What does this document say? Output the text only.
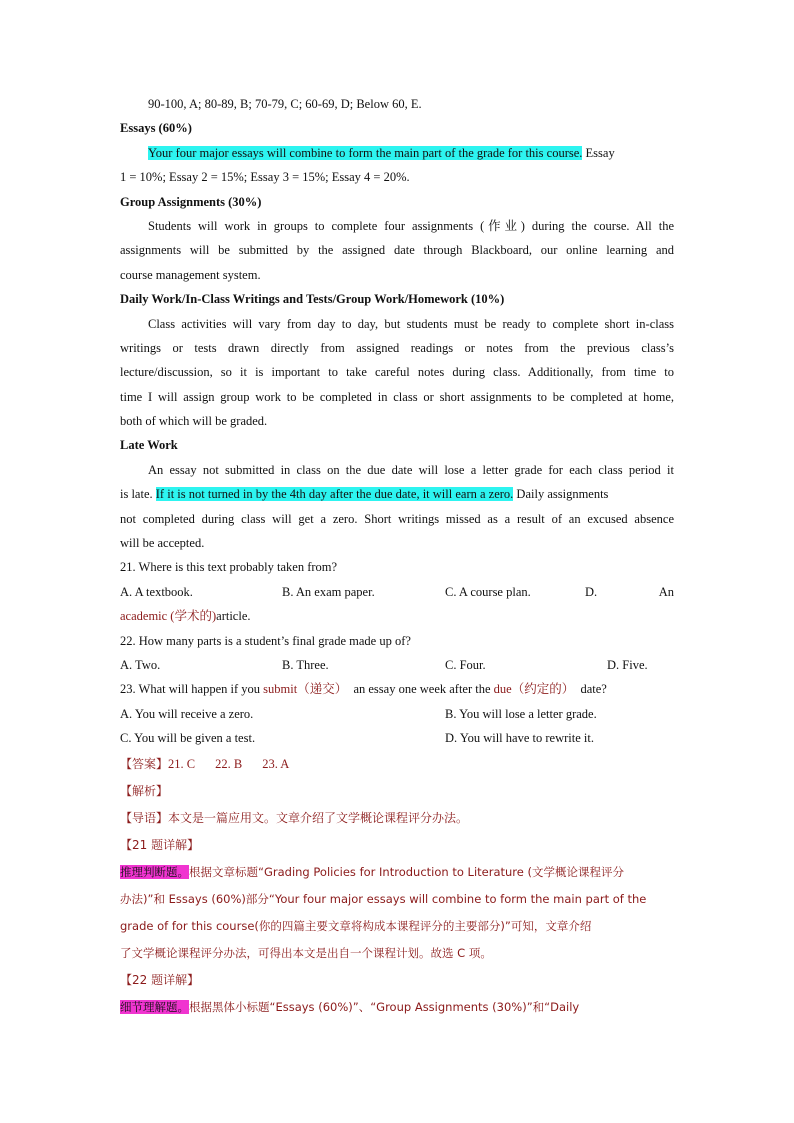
90-100, A; 80-89, B; 70-79, C; 60-69, D; Below 60, E.
Essays (60%)
Your four major essays will combine to form the main part of the grade for this course. Essay
1 = 10%; Essay 2 = 15%; Essay 3 = 15%; Essay 4 = 20%.
Group Assignments (30%)
Students will work in groups to complete four assignments (作业) during the course. All the
assignments will be submitted by the assigned date through Blackboard, our online learning and
course management system.
Daily Work/In-Class Writings and Tests/Group Work/Homework (10%)
Class activities will vary from day to day, but students must be ready to complete short in-class
writings or tests drawn directly from assigned readings or notes from the previous class’s
lecture/discussion, so it is important to take careful notes during class. Additionally, from time to
time I will assign group work to be completed in class or short assignments to be completed at home,
both of which will be graded.
Late Work
An essay not submitted in class on the due date will lose a letter grade for each class period it
is late. If it is not turned in by the 4th day after the due date, it will earn a zero. Daily assignments
not completed during class will get a zero. Short writings missed as a result of an excused absence
will be accepted.
21. Where is this text probably taken from?
A. A textbook.	B. An exam paper.	C. A course plan.	D.	An
academic (学术的)article.
22. How many parts is a student’s final grade made up of?
A. Two.	B. Three.	C. Four.	D. Five.
23. What will happen if you submit（递交） an essay one week after the due（约定的） date?
A. You will receive a zero.	B. You will lose a letter grade.
C. You will be given a test.	D. You will have to rewrite it.
【答案】21. C 22. B 23. A
【解析】
【导语】本文是一篇应用文。文章介绍了文学概论课程评分办法。
【21 题详解】
推理判断题。根据文章标题“Grading Policies for Introduction to Literature (文学概论课程评分
办法)”和 Essays (60%)部分“Your four major essays will combine to form the main part of the
grade of for this course(你的四篇主要文章将构成本课程评分的主要部分)”可知，文章介绍
了文学概论课程评分办法，可得出本文是出自一个课程计划。故选 C 项。
【22 题详解】
细节理解题。根据黑体小标题“Essays (60%)”、“Group Assignments (30%)”和“Daily
